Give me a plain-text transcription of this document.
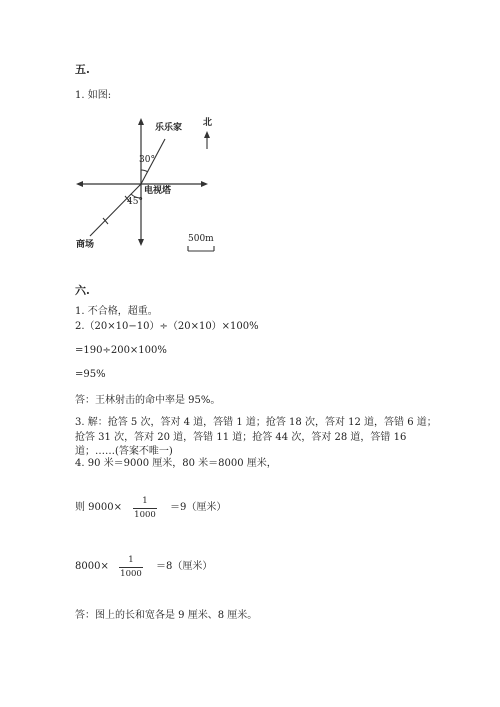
五.
1. 如图:
乐乐家 北
30°
电视塔
45°
商场
500m
六.
1. 不合格，超重。
2.（20×10−10）÷（20×10）×100%
=190÷200×100%
=95%
答：王林射击的命中率是 95%。
3. 解：抢答 5 次，答对 4 道，答错 1 道；抢答 18 次，答对 12 道，答错 6 道；
抢答 31 次，答对 20 道，答错 11 道；抢答 44 次，答对 28 道，答错 16
道；……(答案不唯一)
4. 90 米＝9000 厘米，80 米＝8000 厘米，
则 9000×
1
1000
＝9（厘米）
8000×
1
1000
＝8（厘米）
答：图上的长和宽各是 9 厘米、8 厘米。
